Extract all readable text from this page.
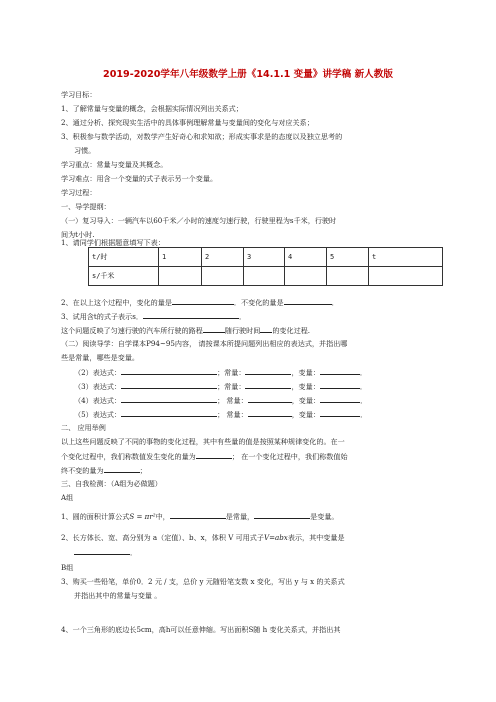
2019-2020学年八年级数学上册《14.1.1 变量》讲学稿 新人教版
学习目标：
1、了解常量与变量的概念，会根据实际情况列出关系式；
2、通过分析、探究现实生活中的具体事例理解常量与变量间的变化与对应关系；
3、积极参与数学活动，对数学产生好奇心和求知欲；形成实事求是的态度以及独立思考的
习惯。
学习重点：常量与变量及其概念。
学习难点：用含一个变量的式子表示另一个变量。
学习过程：
一、导学提纲：
（一）复习导入：一辆汽车以60千米／小时的速度匀速行驶，行驶里程为s千米，行驶时
间为t小时.
1、请同学们根据题意填写下表：
t/时	1	2	3	4	5	t
s/千米						
2、在以上这个过程中，变化的量是	．不变化的量是	．
3、试用含t的式子表示s．	．
这个问题反映了匀速行驶的汽车所行驶的路程	随行驶时间 的变化过程.
（二）阅读导学：自学课本P94~95内容， 请按课本所提问题列出相应的表达式，并指出哪
些是常量，哪些是变量。
（2）表达式：	；常量：	，变量：	．
（3）表达式：	；常量：	，变量：	．
（4）表达式：	； 常量：	，变量：	．
（5）表达式：	； 常量：	，变量：	．
二、 应用举例
以上这些问题反映了不同的事物的变化过程，其中有些量的值是按照某种规律变化的。在一
个变化过程中，我们称数值发生变化的量为	； 在一个变化过程中，我们称数值始
终不变的量为	；
三、自我检测：（A组为必做题）
A组
1、圆的面积计算公式S = πr²中，	是常量，	是变量。
2、长方体长、宽、高分别为 a（定值）、b、x，体积 V 可用式子V=abx表示，其中变量是
．
B组
3、购买一些铅笔，单价0．2 元 / 支，总价 y 元随铅笔支数 x 变化，写出 y 与 x 的关系式
并指出其中的常量与变量 。
4、一个三角形的底边长5cm，高h可以任意伸缩。写出面积S随 h 变化关系式，并指出其
